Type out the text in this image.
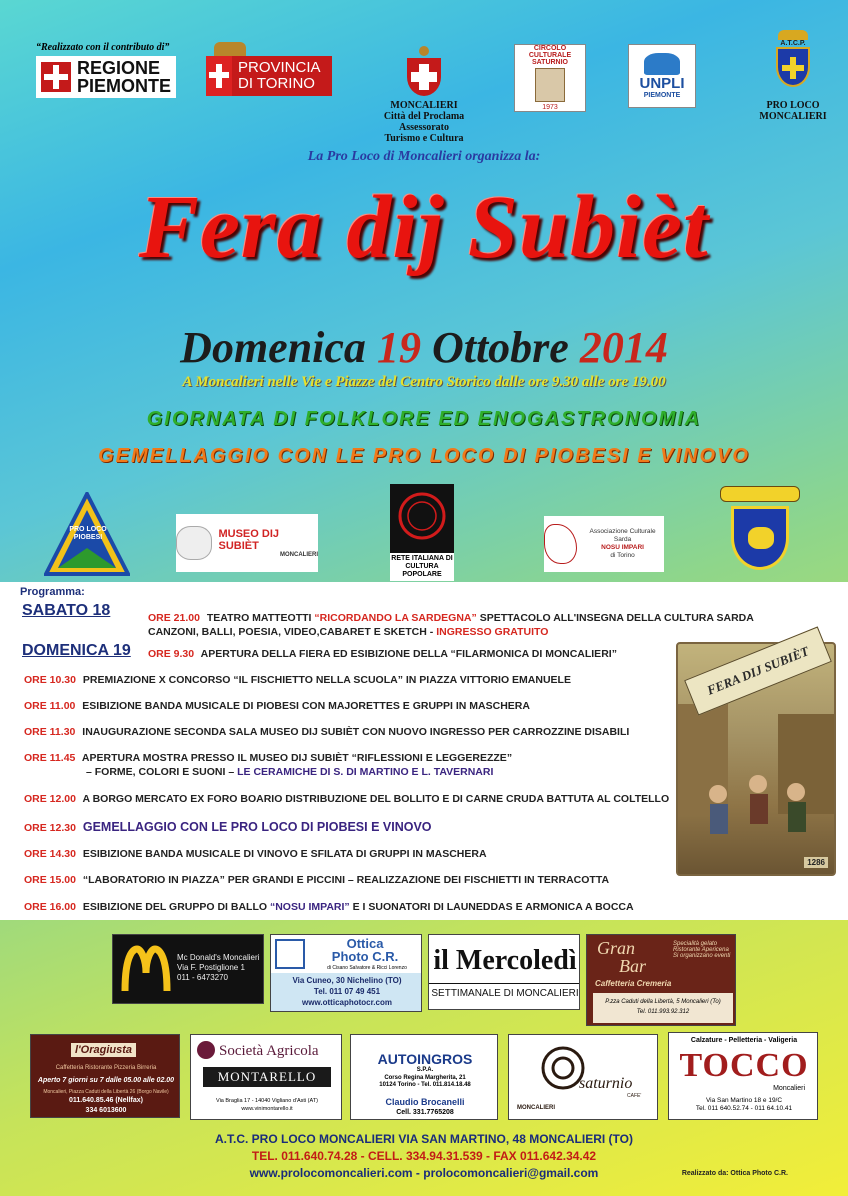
“Realizzato con il contributo di”
REGIONE
PIEMONTE
PROVINCIA
DI TORINO
MONCALIERI
Città del Proclama
Assessorato
Turismo e Cultura
CIRCOLO CULTURALE SATURNIO
1973
UNPLI
PIEMONTE
A.T.C.P.
PRO LOCO
MONCALIERI
La Pro Loco di Moncalieri organizza la:
Fera dij Subièt
Domenica 19 Ottobre 2014
A Moncalieri nelle Vie e Piazze del Centro Storico dalle ore 9.30 alle ore 19.00
GIORNATA DI FOLKLORE ED ENOGASTRONOMIA
GEMELLAGGIO CON LE PRO LOCO DI PIOBESI E VINOVO
PRO LOCO PIOBESI	MUSEO DIJ SUBIÈT
MONCALIERI	RETE ITALIANA DI CULTURA POPOLARE
Associazione Culturale Sarda
NOSU IMPARI
di Torino
Programma:
SABATO 18	ORE 21.00 TEATRO MATTEOTTI “RICORDANDO LA SARDEGNA” SPETTACOLO ALL'INSEGNA DELLA CULTURA SARDA
CANZONI, BALLI, POESIA, VIDEO,CABARET E SKETCH - INGRESSO GRATUITO
DOMENICA 19 ORE 9.30 APERTURA DELLA FIERA ED ESIBIZIONE DELLA “FILARMONICA DI MONCALIERI”
ORE 10.30 PREMIAZIONE X CONCORSO “IL FISCHIETTO NELLA SCUOLA” IN PIAZZA VITTORIO EMANUELE
ORE 11.00 ESIBIZIONE BANDA MUSICALE DI PIOBESI CON MAJORETTES E GRUPPI IN MASCHERA
ORE 11.30 INAUGURAZIONE SECONDA SALA MUSEO DIJ SUBIÈT CON NUOVO INGRESSO PER CARROZZINE DISABILI
ORE 11.45 APERTURA MOSTRA PRESSO IL MUSEO DIJ SUBIÈT “RIFLESSIONI E LEGGEREZZE”
– FORME, COLORI E SUONI – LE CERAMICHE DI S. DI MARTINO E L. TAVERNARI
ORE 12.00 A BORGO MERCATO EX FORO BOARIO DISTRIBUZIONE DEL BOLLITO E DI CARNE CRUDA BATTUTA AL COLTELLO
ORE 12.30 GEMELLAGGIO CON LE PRO LOCO DI PIOBESI E VINOVO
ORE 14.30 ESIBIZIONE BANDA MUSICALE DI VINOVO E SFILATA DI GRUPPI IN MASCHERA
ORE 15.00 “LABORATORIO IN PIAZZA” PER GRANDI E PICCINI – REALIZZAZIONE DEI FISCHIETTI IN TERRACOTTA
ORE 16.00 ESIBIZIONE DEL GRUPPO DI BALLO “NOSU IMPARI” E I SUONATORI DI LAUNEDDAS E ARMONICA A BOCCA
1286
FERA DIJ SUBIÈT
Mc Donald's Moncalieri
Via F. Postiglione 1
011 - 6473270
Ottica
Photo C.R.
di Cisano Salvatore & Ricci Lorenzo
Via Cuneo, 30 Nichelino (TO)
Tel. 011 07 49 451
www.otticaphotocr.com
il Mercoledì
SETTIMANALE DI MONCALIERI
Gran
Bar
Specialità gelato Ristorante Apericena Si organizzano eventi
Caffetteria Cremeria
P.zza Caduti della Libertà, 5 Moncalieri (To)
Tel. 011.993.92.312
l'Oragiusta
Caffetteria Ristorante Pizzeria Birreria
Aperto 7 giorni su 7 dalle 05.00 alle 02.00
Moncalieri, Piazza Caduti della Libertà 26 (Borgo Navile)
011.640.85.46 (Nellfax)
334 6013600
Società Agricola
MONTARELLO
Via Braglia 17 - 14040 Vigliano d'Asti (AT)
www.vinimontarello.it
AUTOINGROS
S.P.A.
Corso Regina Margherita, 21
10124 Torino - Tel. 011.814.18.48
Claudio Brocanelli
Cell. 331.7765208
saturnio
CAFE'
MONCALIERI
Calzature - Pelletteria - Valigeria
TOCCO
Moncalieri
Via San Martino 18 e 19/C
Tel. 011 640.52.74 - 011 64.10.41
A.T.C. PRO LOCO MONCALIERI VIA SAN MARTINO, 48 MONCALIERI (TO)
TEL. 011.640.74.28 - CELL. 334.94.31.539 - FAX 011.642.34.42
www.prolocomoncalieri.com - prolocomoncalieri@gmail.com	Realizzato da: Ottica Photo C.R.
